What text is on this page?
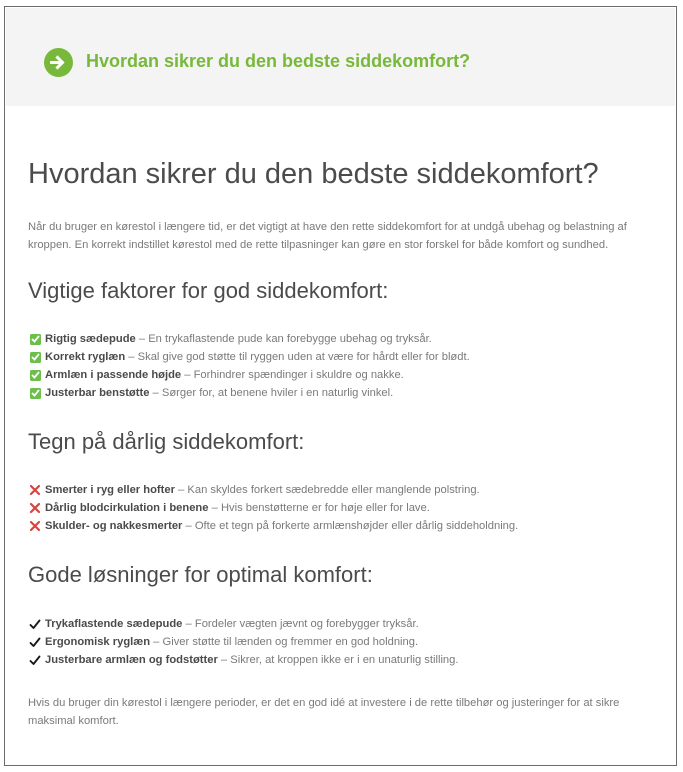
Hvordan sikrer du den bedste siddekomfort?
Hvordan sikrer du den bedste siddekomfort?

Når du bruger en kørestol i længere tid, er det vigtigt at have den rette siddekomfort for at undgå ubehag og belastning af kroppen. En korrekt indstillet kørestol med de rette tilpasninger kan gøre en stor forskel for både komfort og sundhed.

Vigtige faktorer for god siddekomfort:
Rigtig sædepude – En trykaflastende pude kan forebygge ubehag og tryksår.
Korrekt ryglæn – Skal give god støtte til ryggen uden at være for hårdt eller for blødt.
Armlæn i passende højde – Forhindrer spændinger i skuldre og nakke.
Justerbar benstøtte – Sørger for, at benene hviler i en naturlig vinkel.
Tegn på dårlig siddekomfort:
Smerter i ryg eller hofter – Kan skyldes forkert sædebredde eller manglende polstring.
Dårlig blodcirkulation i benene – Hvis benstøtterne er for høje eller for lave.
Skulder- og nakkesmerter – Ofte et tegn på forkerte armlænshøjder eller dårlig siddeholdning.
Gode løsninger for optimal komfort:
Trykaflastende sædepude – Fordeler vægten jævnt og forebygger tryksår.
Ergonomisk ryglæn – Giver støtte til lænden og fremmer en god holdning.
Justerbare armlæn og fodstøtter – Sikrer, at kroppen ikke er i en unaturlig stilling.

Hvis du bruger din kørestol i længere perioder, er det en god idé at investere i de rette tilbehør og justeringer for at sikre maksimal komfort.
